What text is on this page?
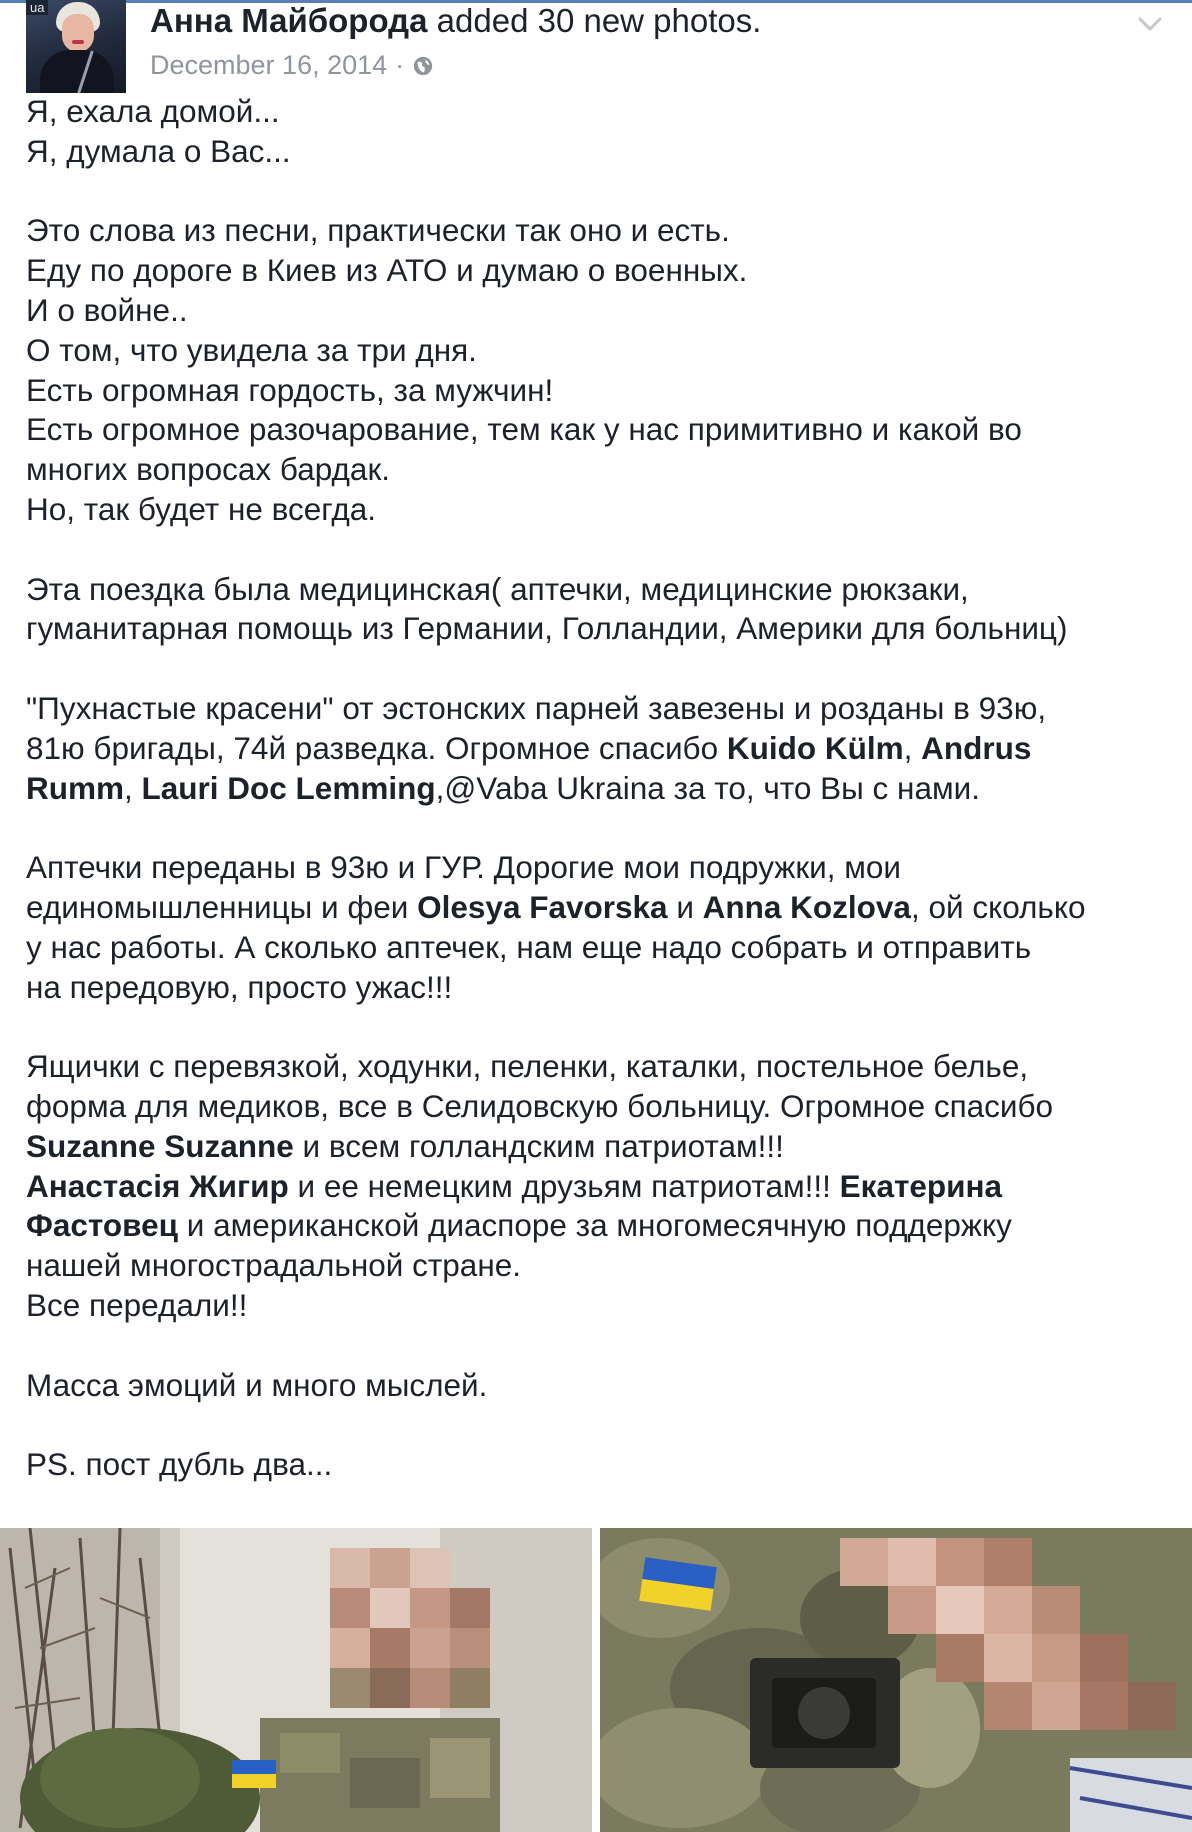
ua	Анна Майборода added 30 new photos.
December 16, 2014 ·
Я, ехала домой...
Я, думала о Вас...
Это слова из песни, практически так оно и есть.
Еду по дороге в Киев из АТО и думаю о военных.
И о войне..
О том, что увидела за три дня.
Есть огромная гордость, за мужчин!
Есть огромное разочарование, тем как у нас примитивно и какой во
многих вопросах бардак.
Но, так будет не всегда.
Эта поездка была медицинская( аптечки, медицинские рюкзаки,
гуманитарная помощь из Германии, Голландии, Америки для больниц)
"Пухнастые красени" от эстонских парней завезены и розданы в 93ю,
81ю бригады, 74й разведка. Огромное спасибо Kuido Külm, Andrus
Rumm, Lauri Doc Lemming,@Vaba Ukraina за то, что Вы с нами.
Аптечки переданы в 93ю и ГУР. Дорогие мои подружки, мои
единомышленницы и феи Olesya Favorska и Anna Kozlova, ой сколько
у нас работы. А сколько аптечек, нам еще надо собрать и отправить
на передовую, просто ужас!!!
Ящички с перевязкой, ходунки, пеленки, каталки, постельное белье,
форма для медиков, все в Селидовскую больницу. Огромное спасибо
Suzanne Suzanne и всем голландским патриотам!!!
Анастасія Жигир и ее немецким друзьям патриотам!!! Екатерина
Фастовец и американской диаспоре за многомесячную поддержку
нашей многострадальной стране.
Все передали!!
Масса эмоций и много мыслей.
PS. пост дубль два...
